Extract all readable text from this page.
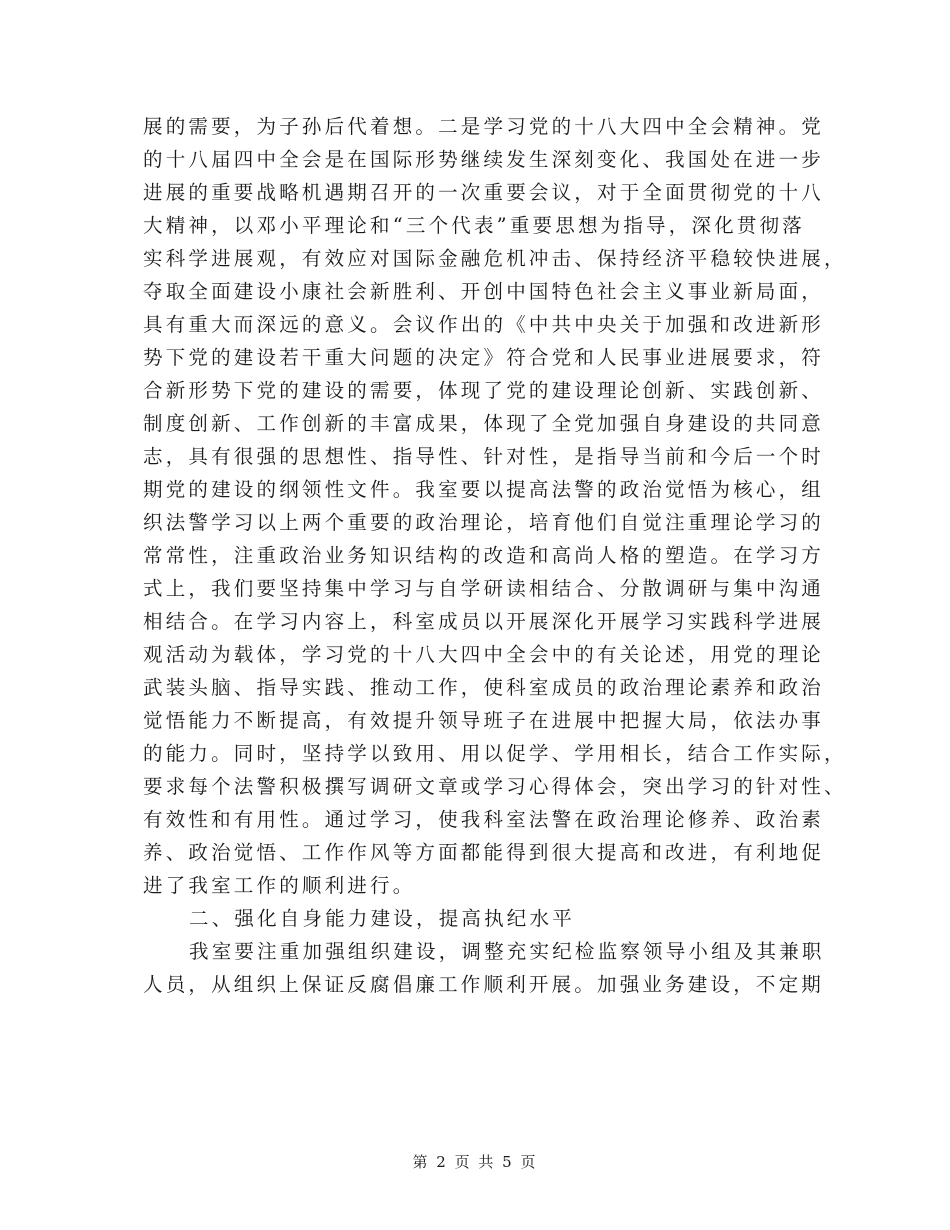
展的需要，为子孙后代着想。二是学习党的十八大四中全会精神。党
的十八届四中全会是在国际形势继续发生深刻变化、我国处在进一步
进展的重要战略机遇期召开的一次重要会议，对于全面贯彻党的十八
大精神，以邓小平理论和“三个代表”重要思想为指导，深化贯彻落
实科学进展观，有效应对国际金融危机冲击、保持经济平稳较快进展，
夺取全面建设小康社会新胜利、开创中国特色社会主义事业新局面，
具有重大而深远的意义。会议作出的《中共中央关于加强和改进新形
势下党的建设若干重大问题的决定》符合党和人民事业进展要求，符
合新形势下党的建设的需要，体现了党的建设理论创新、实践创新、
制度创新、工作创新的丰富成果，体现了全党加强自身建设的共同意
志，具有很强的思想性、指导性、针对性，是指导当前和今后一个时
期党的建设的纲领性文件。我室要以提高法警的政治觉悟为核心，组
织法警学习以上两个重要的政治理论，培育他们自觉注重理论学习的
常常性，注重政治业务知识结构的改造和高尚人格的塑造。在学习方
式上，我们要坚持集中学习与自学研读相结合、分散调研与集中沟通
相结合。在学习内容上，科室成员以开展深化开展学习实践科学进展
观活动为载体，学习党的十八大四中全会中的有关论述，用党的理论
武装头脑、指导实践、推动工作，使科室成员的政治理论素养和政治
觉悟能力不断提高，有效提升领导班子在进展中把握大局，依法办事
的能力。同时，坚持学以致用、用以促学、学用相长，结合工作实际，
要求每个法警积极撰写调研文章或学习心得体会，突出学习的针对性、
有效性和有用性。通过学习，使我科室法警在政治理论修养、政治素
养、政治觉悟、工作作风等方面都能得到很大提高和改进，有利地促
进了我室工作的顺利进行。
二、强化自身能力建设，提高执纪水平
我室要注重加强组织建设，调整充实纪检监察领导小组及其兼职
人员，从组织上保证反腐倡廉工作顺利开展。加强业务建设，不定期
第 2 页 共 5 页
